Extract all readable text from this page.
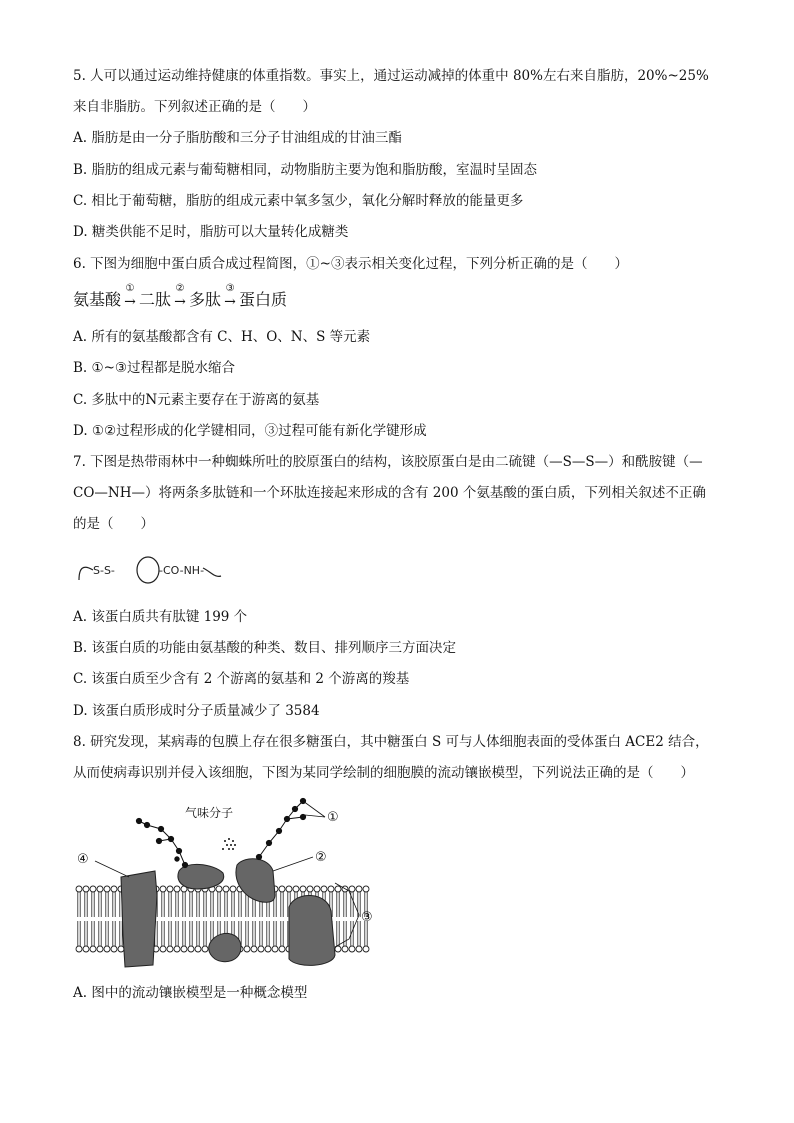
5. 人可以通过运动维持健康的体重指数。事实上，通过运动减掉的体重中 80%左右来自脂肪，20%~25%
来自非脂肪。下列叙述正确的是（　　）
A. 脂肪是由一分子脂肪酸和三分子甘油组成的甘油三酯
B. 脂肪的组成元素与葡萄糖相同，动物脂肪主要为饱和脂肪酸，室温时呈固态
C. 相比于葡萄糖，脂肪的组成元素中氧多氢少，氧化分解时释放的能量更多
D. 糖类供能不足时，脂肪可以大量转化成糖类
6. 下图为细胞中蛋白质合成过程简图，①~③表示相关变化过程，下列分析正确的是（　　）
氨基酸
①
→ 二肽
②
→ 多肽
③
→ 蛋白质
A. 所有的氨基酸都含有 C、H、O、N、S 等元素
B. ①~③过程都是脱水缩合
C. 多肽中的N元素主要存在于游离的氨基
D. ①②过程形成的化学键相同，③过程可能有新化学键形成
7. 下图是热带雨林中一种蜘蛛所吐的胶原蛋白的结构，该胶原蛋白是由二硫键（—S—S—）和酰胺键（—
CO—NH—）将两条多肽链和一个环肽连接起来形成的含有 200 个氨基酸的蛋白质，下列相关叙述不正确
的是（　　）
S-S-	-CO-NH-
A. 该蛋白质共有肽键 199 个
B. 该蛋白质的功能由氨基酸的种类、数目、排列顺序三方面决定
C. 该蛋白质至少含有 2 个游离的氨基和 2 个游离的羧基
D. 该蛋白质形成时分子质量减少了 3584
8. 研究发现，某病毒的包膜上存在很多糖蛋白，其中糖蛋白 S 可与人体细胞表面的受体蛋白 ACE2 结合，
从而使病毒识别并侵入该细胞，下图为某同学绘制的细胞膜的流动镶嵌模型，下列说法正确的是（　　）
气味分子	①
②
④
③
A. 图中的流动镶嵌模型是一种概念模型
